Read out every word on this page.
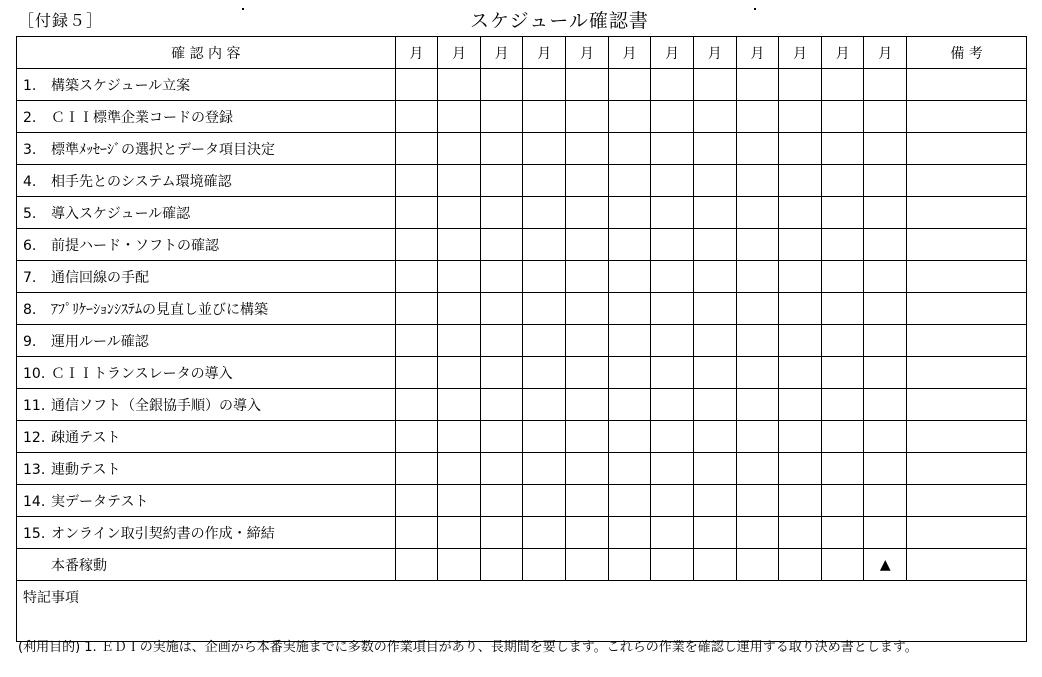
［付録５］	スケジュール確認書
確 認 内 容	月	月	月	月	月	月	月	月	月	月	月	月	備 考
1. 構築スケジュール立案													
2. ＣＩＩ標準企業コードの登録													
3. 標準ﾒｯｾｰｼﾞの選択とデータ項目決定													
4. 相手先とのシステム環境確認													
5. 導入スケジュール確認													
6. 前提ハード・ソフトの確認													
7. 通信回線の手配													
8. ｱﾌﾟﾘｹｰｼｮﾝｼｽﾃﾑの見直し並びに構築													
9. 運用ルール確認													
10. ＣＩＩトランスレータの導入													
11. 通信ソフト（全銀協手順）の導入													
12. 疎通テスト													
13. 連動テスト													
14. 実データテスト													
15. オンライン取引契約書の作成・締結													
本番稼動												▲	
特記事項													
(利用目的) 1. ＥＤＩの実施は、企画から本番実施までに多数の作業項目があり、長期間を要します。これらの作業を確認し運用する取り決め書とします。
